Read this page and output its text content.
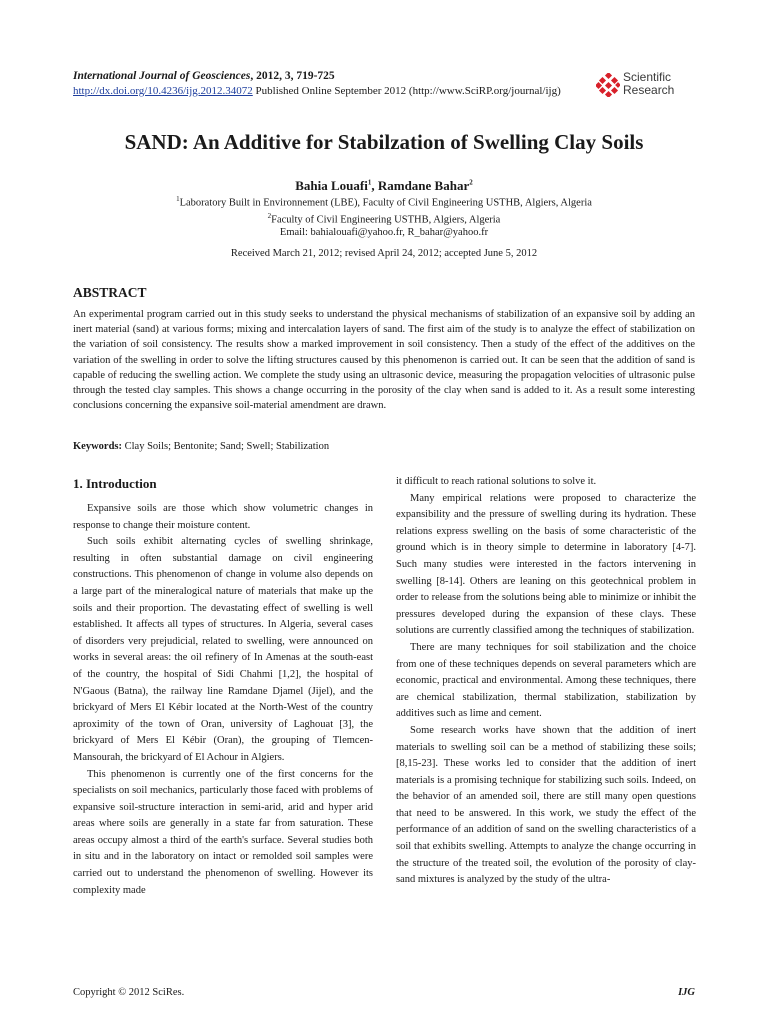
International Journal of Geosciences, 2012, 3, 719-725
http://dx.doi.org/10.4236/ijg.2012.34072 Published Online September 2012 (http://www.SciRP.org/journal/ijg)
Scientific
Research
SAND: An Additive for Stabilzation of Swelling Clay Soils
Bahia Louafi$^1$, Ramdane Bahar$^2$
$^1$Laboratory Built in Environnement (LBE), Faculty of Civil Engineering USTHB, Algiers, Algeria
$^2$Faculty of Civil Engineering USTHB, Algiers, Algeria
Email: bahialouafi@yahoo.fr, R_bahar@yahoo.fr
Received March 21, 2012; revised April 24, 2012; accepted June 5, 2012
ABSTRACT
An experimental program carried out in this study seeks to understand the physical mechanisms of stabilization of an expansive soil by adding an inert material (sand) at various forms; mixing and intercalation layers of sand. The first aim of the study is to analyze the effect of stabilization on the variation of soil consistency. The results show a marked improvement in soil consistency. Then a study of the effect of the additives on the variation of the swelling in order to solve the lifting structures caused by this phenomenon is carried out. It can be seen that the addition of sand is capable of reducing the swelling action. We complete the study using an ultrasonic device, measuring the propagation velocities of ultrasonic pulse through the tested clay samples. This shows a change occurring in the porosity of the clay when sand is added to it. As a result some interesting conclusions concerning the expansive soil-material amendment are drawn.
Keywords: Clay Soils; Bentonite; Sand; Swell; Stabilization
1. Introduction

Expansive soils are those which show volumetric changes in response to change their moisture content.

Such soils exhibit alternating cycles of swelling shrinkage, resulting in often substantial damage on civil engineering constructions. This phenomenon of change in volume also depends on a large part of the mineralogical nature of materials that make up the soils and their proportion. The devastating effect of swelling is well established. It affects all types of structures. In Algeria, several cases of disorders very prejudicial, related to swelling, were announced on works in several areas: the oil refinery of In Amenas at the south-east of the country, the hospital of Sidi Chahmi [1,2], the hospital of N'Gaous (Batna), the railway line Ramdane Djamel (Jijel), and the brickyard of Mers El Kébir located at the North-West of the country aproximity of the town of Oran, university of Laghouat [3], the brickyard of Mers El Kébir (Oran), the grouping of Tlemcen-Mansourah, the brickyard of El Achour in Algiers.

This phenomenon is currently one of the first concerns for the specialists on soil mechanics, particularly those faced with problems of expansive soil-structure interaction in semi-arid, arid and hyper arid areas where soils are generally in a state far from saturation. These areas occupy almost a third of the earth's surface. Several studies both in situ and in the laboratory on intact or remolded soil samples were carried out to understand the phenomenon of swelling. However its complexity made

it difficult to reach rational solutions to solve it.

Many empirical relations were proposed to characterize the expansibility and the pressure of swelling during its hydration. These relations express swelling on the basis of some characteristic of the ground which is in theory simple to determine in laboratory [4-7]. Such many studies were interested in the factors intervening in swelling [8-14]. Others are leaning on this geotechnical problem in order to release from the solutions being able to minimize or inhibit the pressures developed during the expansion of these clays. These solutions are currently classified among the techniques of stabilization.

There are many techniques for soil stabilization and the choice from one of these techniques depends on several parameters which are economic, practical and environmental. Among these techniques, there are chemical stabilization, thermal stabilization, stabilization by additives such as lime and cement.

Some research works have shown that the addition of inert materials to swelling soil can be a method of stabilizing these soils; [8,15-23]. These works led to consider that the addition of inert materials is a promising technique for stabilizing such soils. Indeed, on the behavior of an amended soil, there are still many open questions that need to be answered. In this work, we study the effect of the performance of an addition of sand on the swelling characteristics of a soil that exhibits swelling. Attempts to analyze the change occurring in the structure of the treated soil, the evolution of the porosity of clay-sand mixtures is analyzed by the study of the ultra-

Copyright © 2012 SciRes.	IJG
